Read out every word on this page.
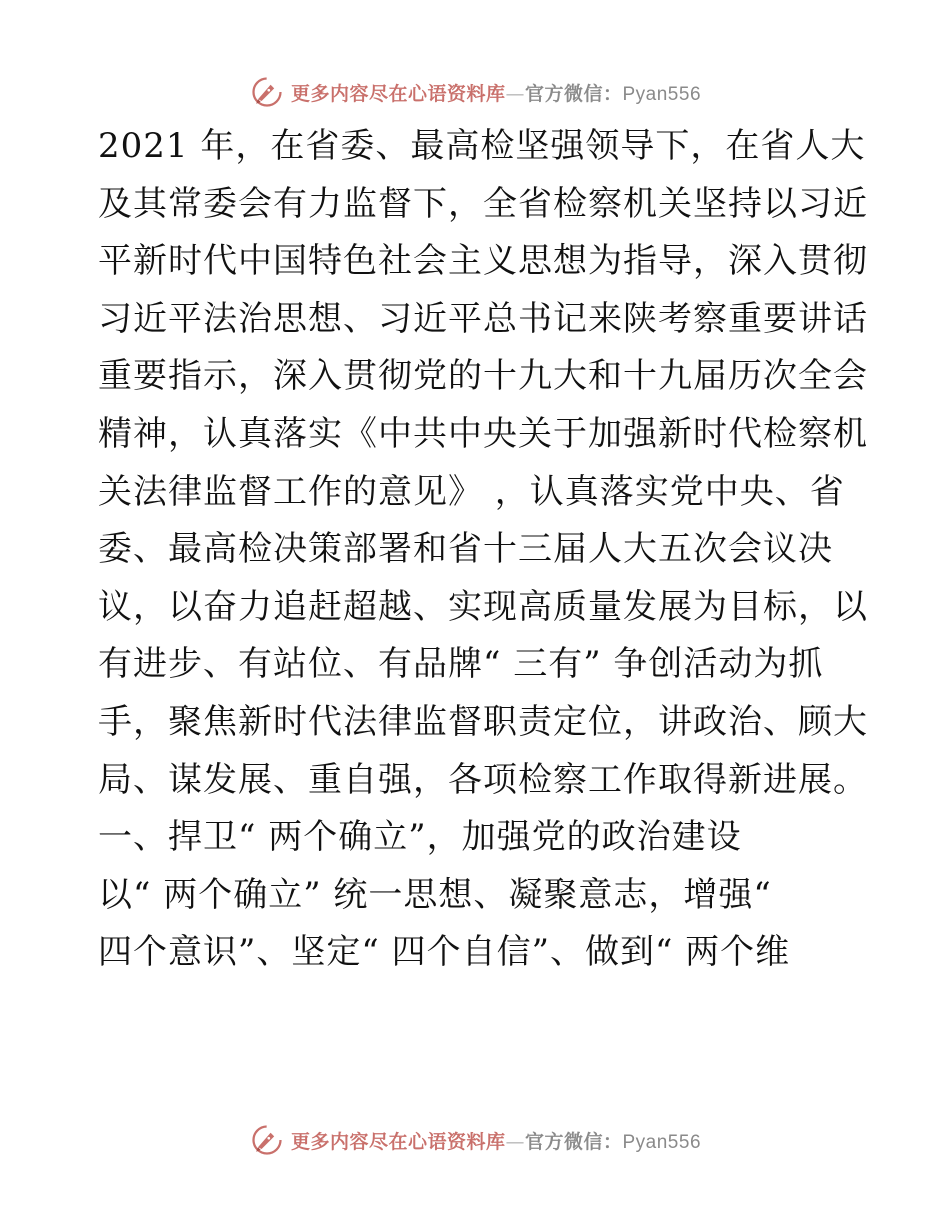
更多内容尽在心语资料库—官方微信：Pyan556

2021 年，在省委、最高检坚强领导下，在省人大
及其常委会有力监督下，全省检察机关坚持以习近
平新时代中国特色社会主义思想为指导，深入贯彻
习近平法治思想、习近平总书记来陕考察重要讲话
重要指示，深入贯彻党的十九大和十九届历次全会
精神，认真落实《中共中央关于加强新时代检察机
关法律监督工作的意见》 ，认真落实党中央、省
委、最高检决策部署和省十三届人大五次会议决
议，以奋力追赶超越、实现高质量发展为目标，以
有进步、有站位、有品牌“ 三有” 争创活动为抓
手，聚焦新时代法律监督职责定位，讲政治、顾大
局、谋发展、重自强，各项检察工作取得新进展。

一、捍卫“ 两个确立”，加强党的政治建设

以“ 两个确立” 统一思想、凝聚意志，增强“
四个意识”、坚定“ 四个自信”、做到“ 两个维

更多内容尽在心语资料库—官方微信：Pyan556
